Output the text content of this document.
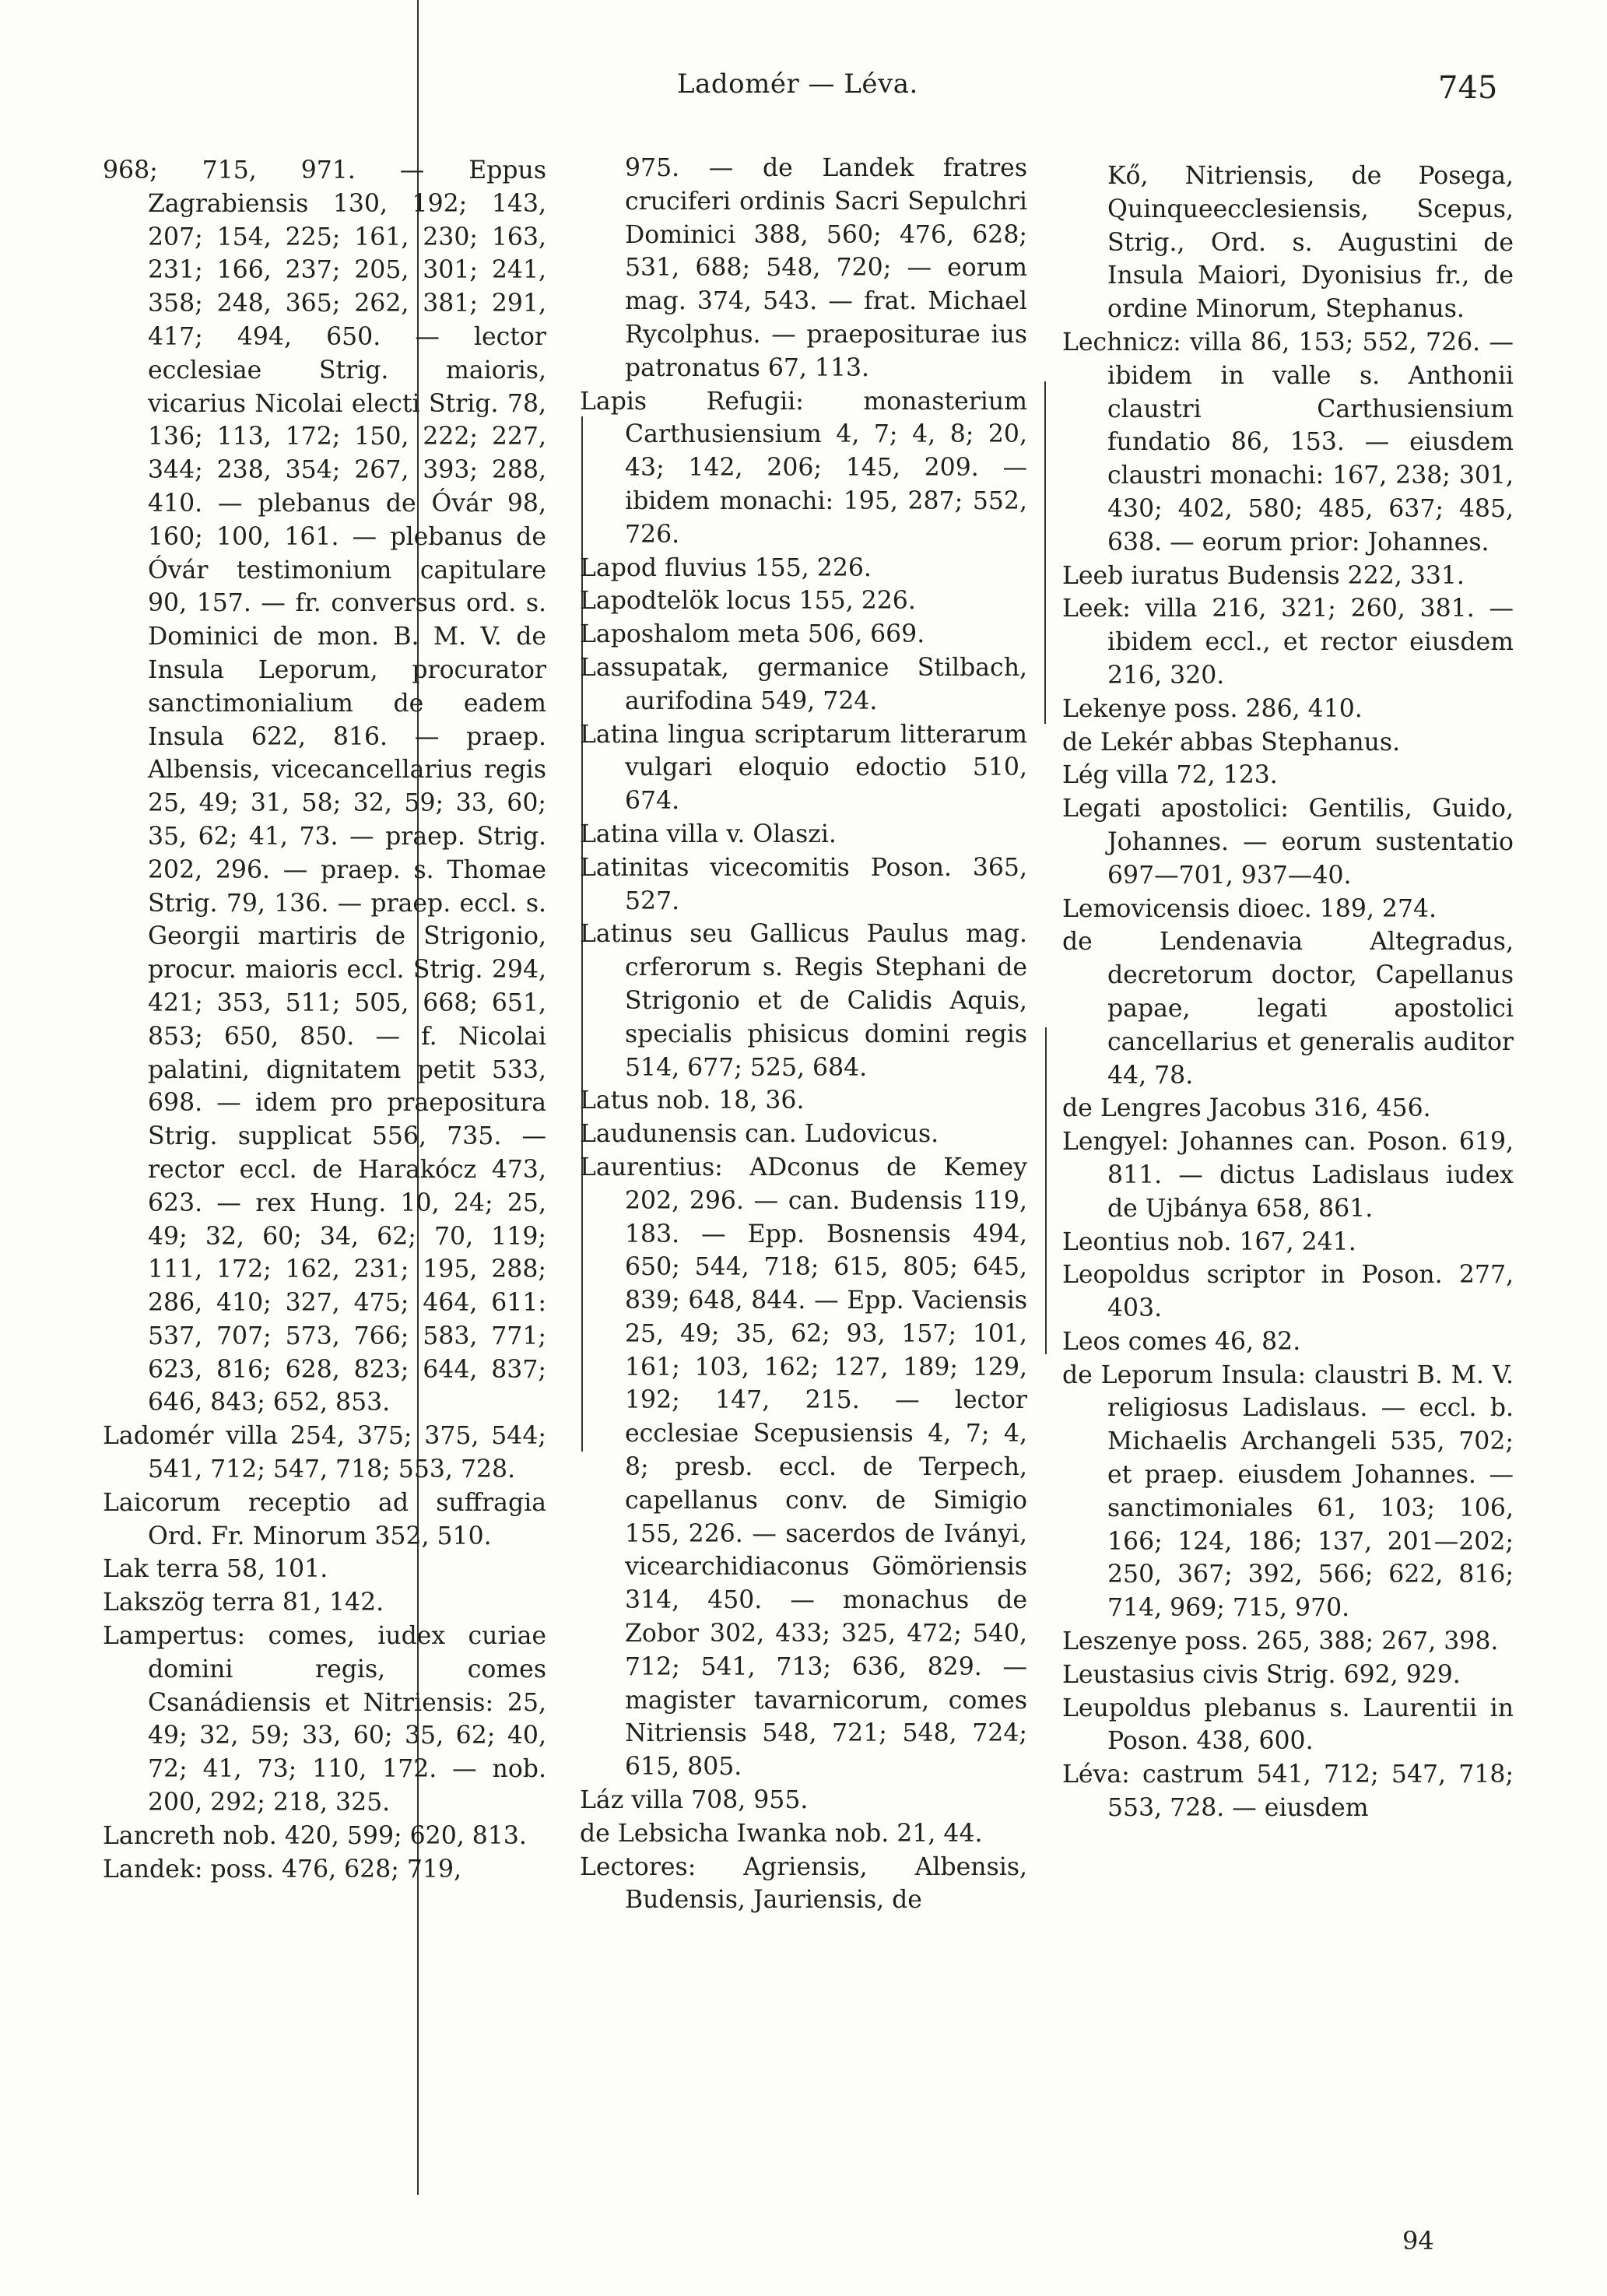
Ladomér — Léva.	745

968; 715, 971. — Eppus Zagrabiensis 130, 192; 143, 207; 154, 225; 161, 230; 163, 231; 166, 237; 205, 301; 241, 358; 248, 365; 262, 381; 291, 417; 494, 650. — lector ecclesiae Strig. maioris, vicarius Nicolai electi Strig. 78, 136; 113, 172; 150, 222; 227, 344; 238, 354; 267, 393; 288, 410. — plebanus de Óvár 98, 160; 100, 161. — plebanus de Óvár testimonium capitulare 90, 157. — fr. conversus ord. s. Dominici de mon. B. M. V. de Insula Leporum, procurator sanctimonialium de eadem Insula 622, 816. — praep. Albensis, vicecancellarius regis 25, 49; 31, 58; 32, 59; 33, 60; 35, 62; 41, 73. — praep. Strig. 202, 296. — praep. s. Thomae Strig. 79, 136. — praep. eccl. s. Georgii martiris de Strigonio, procur. maioris eccl. Strig. 294, 421; 353, 511; 505, 668; 651, 853; 650, 850. — f. Nicolai palatini, dignitatem petit 533, 698. — idem pro praepositura Strig. supplicat 556, 735. — rector eccl. de Harakócz 473, 623. — rex Hung. 10, 24; 25, 49; 32, 60; 34, 62; 70, 119; 111, 172; 162, 231; 195, 288; 286, 410; 327, 475; 464, 611: 537, 707; 573, 766; 583, 771; 623, 816; 628, 823; 644, 837; 646, 843; 652, 853.

Ladomér villa 254, 375; 375, 544; 541, 712; 547, 718; 553, 728.

Laicorum receptio ad suffragia Ord. Fr. Minorum 352, 510.

Lak terra 58, 101.

Lakszög terra 81, 142.

Lampertus: comes, iudex curiae domini regis, comes Csanádiensis et Nitriensis: 25, 49; 32, 59; 33, 60; 35, 62; 40, 72; 41, 73; 110, 172. — nob. 200, 292; 218, 325.

Lancreth nob. 420, 599; 620, 813.

Landek: poss. 476, 628; 719,

975. — de Landek fratres cruciferi ordinis Sacri Sepulchri Dominici 388, 560; 476, 628; 531, 688; 548, 720; — eorum mag. 374, 543. — frat. Michael Rycolphus. — praepositurae ius patronatus 67, 113.

Lapis Refugii: monasterium Carthusiensium 4, 7; 4, 8; 20, 43; 142, 206; 145, 209. — ibidem monachi: 195, 287; 552, 726.

Lapod fluvius 155, 226.

Lapodtelök locus 155, 226.

Laposhalom meta 506, 669.

Lassupatak, germanice Stilbach, aurifodina 549, 724.

Latina lingua scriptarum litterarum vulgari eloquio edoctio 510, 674.

Latina villa v. Olaszi.

Latinitas vicecomitis Poson. 365, 527.

Latinus seu Gallicus Paulus mag. crferorum s. Regis Stephani de Strigonio et de Calidis Aquis, specialis phisicus domini regis 514, 677; 525, 684.

Latus nob. 18, 36.

Laudunensis can. Ludovicus.

Laurentius: ADconus de Kemey 202, 296. — can. Budensis 119, 183. — Epp. Bosnensis 494, 650; 544, 718; 615, 805; 645, 839; 648, 844. — Epp. Vaciensis 25, 49; 35, 62; 93, 157; 101, 161; 103, 162; 127, 189; 129, 192; 147, 215. — lector ecclesiae Scepusiensis 4, 7; 4, 8; presb. eccl. de Terpech, capellanus conv. de Simigio 155, 226. — sacerdos de Iványi, vicearchidiaconus Gömöriensis 314, 450. — monachus de Zobor 302, 433; 325, 472; 540, 712; 541, 713; 636, 829. — magister tavarnicorum, comes Nitriensis 548, 721; 548, 724; 615, 805.

Láz villa 708, 955.

de Lebsicha Iwanka nob. 21, 44.

Lectores: Agriensis, Albensis, Budensis, Jauriensis, de

Kő, Nitriensis, de Posega, Quinqueecclesiensis, Scepus, Strig., Ord. s. Augustini de Insula Maiori, Dyonisius fr., de ordine Minorum, Stephanus.

Lechnicz: villa 86, 153; 552, 726. — ibidem in valle s. Anthonii claustri Carthusiensium fundatio 86, 153. — eiusdem claustri monachi: 167, 238; 301, 430; 402, 580; 485, 637; 485, 638. — eorum prior: Johannes.

Leeb iuratus Budensis 222, 331.

Leek: villa 216, 321; 260, 381. — ibidem eccl., et rector eiusdem 216, 320.

Lekenye poss. 286, 410.

de Lekér abbas Stephanus.

Lég villa 72, 123.

Legati apostolici: Gentilis, Guido, Johannes. — eorum sustentatio 697—701, 937—40.

Lemovicensis dioec. 189, 274.

de Lendenavia Altegradus, decretorum doctor, Capellanus papae, legati apostolici cancellarius et generalis auditor 44, 78.

de Lengres Jacobus 316, 456.

Lengyel: Johannes can. Poson. 619, 811. — dictus Ladislaus iudex de Ujbánya 658, 861.

Leontius nob. 167, 241.

Leopoldus scriptor in Poson. 277, 403.

Leos comes 46, 82.

de Leporum Insula: claustri B. M. V. religiosus Ladislaus. — eccl. b. Michaelis Archangeli 535, 702; et praep. eiusdem Johannes. — sanctimoniales 61, 103; 106, 166; 124, 186; 137, 201—202; 250, 367; 392, 566; 622, 816; 714, 969; 715, 970.

Leszenye poss. 265, 388; 267, 398.

Leustasius civis Strig. 692, 929.

Leupoldus plebanus s. Laurentii in Poson. 438, 600.

Léva: castrum 541, 712; 547, 718; 553, 728. — eiusdem

94
